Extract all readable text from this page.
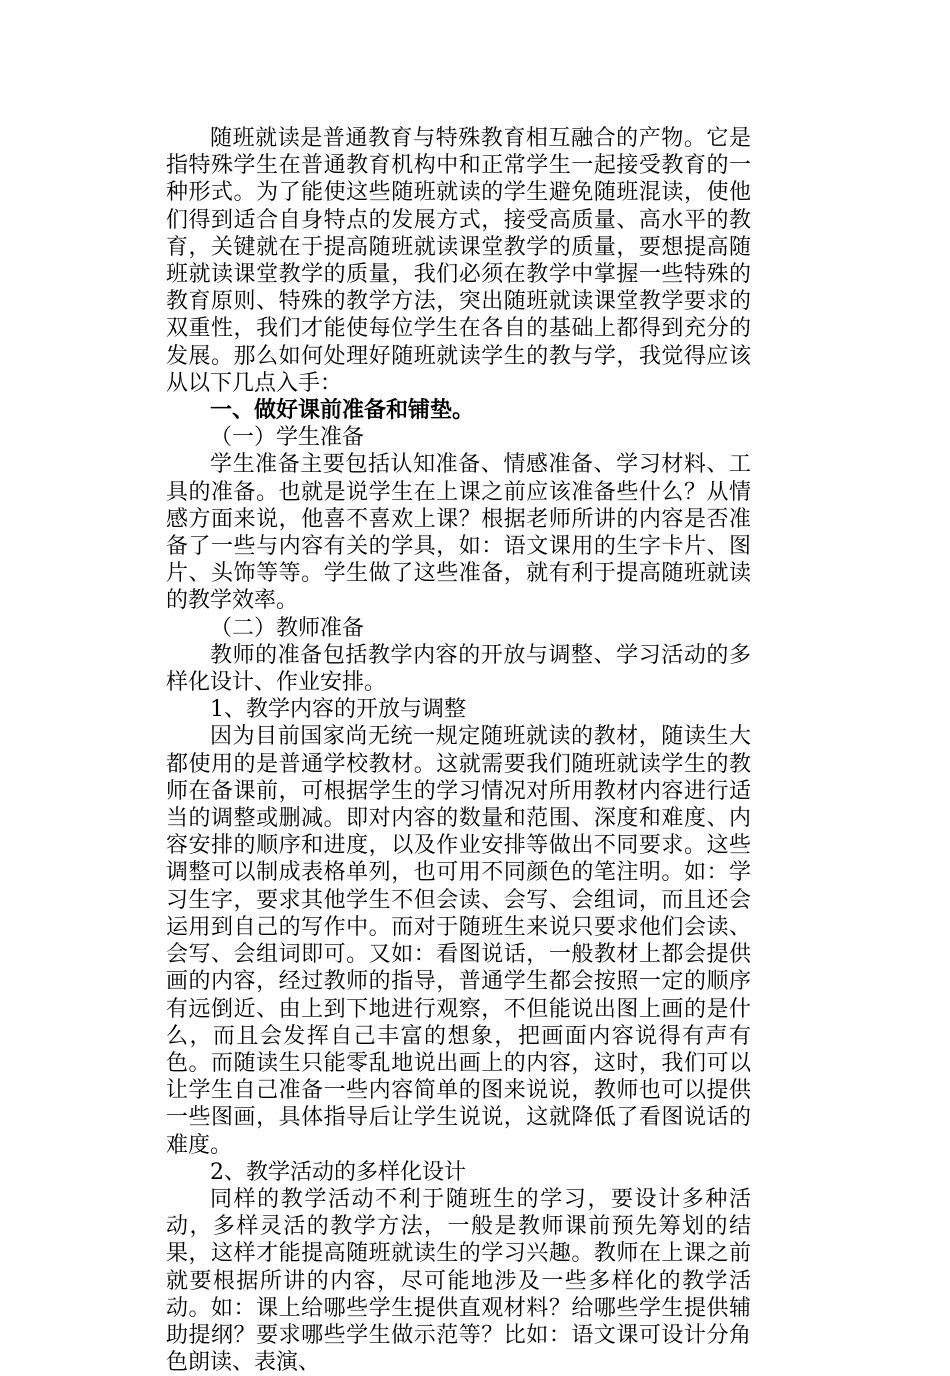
随班就读是普通教育与特殊教育相互融合的产物。它是指特殊学生在普通教育机构中和正常学生一起接受教育的一种形式。为了能使这些随班就读的学生避免随班混读，使他们得到适合自身特点的发展方式，接受高质量、高水平的教育，关键就在于提高随班就读课堂教学的质量，要想提高随班就读课堂教学的质量，我们必须在教学中掌握一些特殊的教育原则、特殊的教学方法，突出随班就读课堂教学要求的双重性，我们才能使每位学生在各自的基础上都得到充分的发展。那么如何处理好随班就读学生的教与学，我觉得应该从以下几点入手：

一、做好课前准备和铺垫。

（一）学生准备

学生准备主要包括认知准备、情感准备、学习材料、工具的准备。也就是说学生在上课之前应该准备些什么？从情感方面来说，他喜不喜欢上课？根据老师所讲的内容是否准备了一些与内容有关的学具，如：语文课用的生字卡片、图片、头饰等等。学生做了这些准备，就有利于提高随班就读的教学效率。

（二）教师准备

教师的准备包括教学内容的开放与调整、学习活动的多样化设计、作业安排。

1、教学内容的开放与调整

因为目前国家尚无统一规定随班就读的教材，随读生大都使用的是普通学校教材。这就需要我们随班就读学生的教师在备课前，可根据学生的学习情况对所用教材内容进行适当的调整或删减。即对内容的数量和范围、深度和难度、内容安排的顺序和进度，以及作业安排等做出不同要求。这些调整可以制成表格单列，也可用不同颜色的笔注明。如：学习生字，要求其他学生不但会读、会写、会组词，而且还会运用到自己的写作中。而对于随班生来说只要求他们会读、会写、会组词即可。又如：看图说话，一般教材上都会提供画的内容，经过教师的指导，普通学生都会按照一定的顺序有远倒近、由上到下地进行观察，不但能说出图上画的是什么，而且会发挥自己丰富的想象，把画面内容说得有声有色。而随读生只能零乱地说出画上的内容，这时，我们可以让学生自己准备一些内容简单的图来说说，教师也可以提供一些图画，具体指导后让学生说说，这就降低了看图说话的难度。

2、教学活动的多样化设计

同样的教学活动不利于随班生的学习，要设计多种活动，多样灵活的教学方法，一般是教师课前预先筹划的结果，这样才能提高随班就读生的学习兴趣。教师在上课之前就要根据所讲的内容，尽可能地涉及一些多样化的教学活动。如：课上给哪些学生提供直观材料？给哪些学生提供辅助提纲？要求哪些学生做示范等？比如：语文课可设计分角色朗读、表演、
